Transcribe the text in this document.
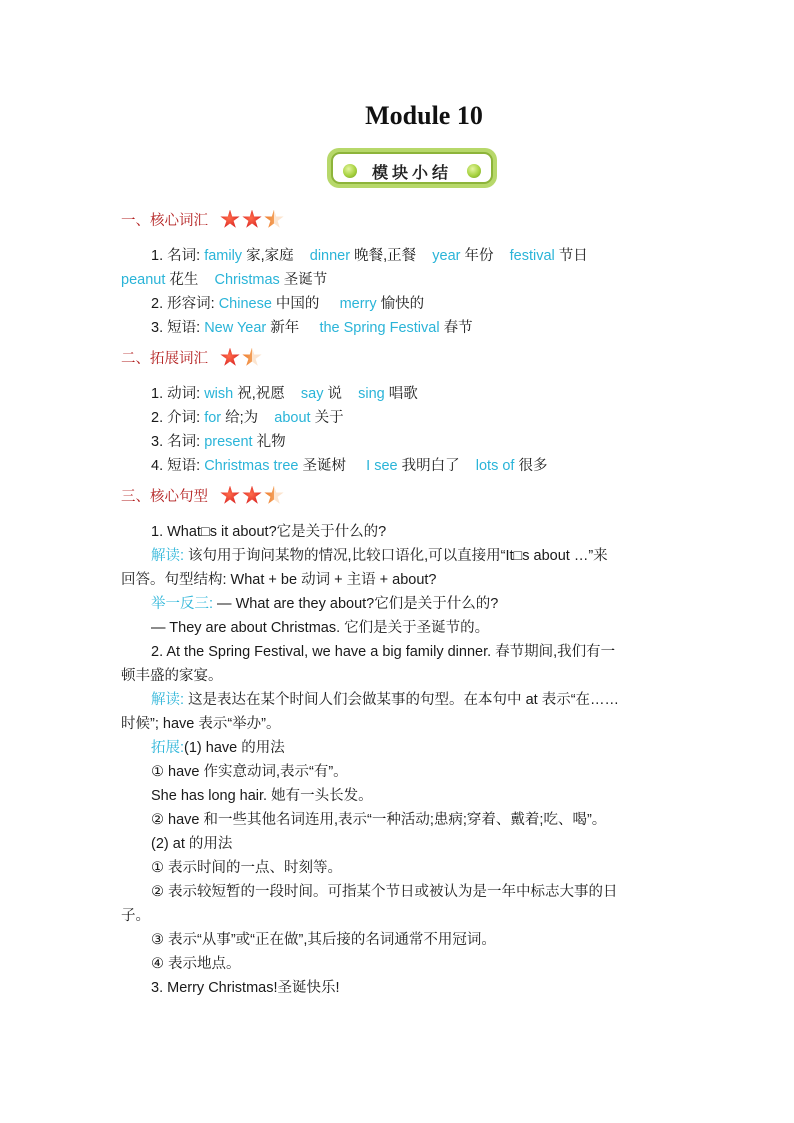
Module 10
模块小结
一、核心词汇
1. 名词: family 家,家庭 dinner 晚餐,正餐 year 年份 festival 节日
peanut 花生 Christmas 圣诞节
2. 形容词: Chinese 中国的 merry 愉快的
3. 短语: New Year 新年 the Spring Festival 春节
二、拓展词汇
1. 动词: wish 祝,祝愿 say 说 sing 唱歌
2. 介词: for 给;为 about 关于
3. 名词: present 礼物
4. 短语: Christmas tree 圣诞树 I see 我明白了 lots of 很多
三、核心句型
1. What□s it about?它是关于什么的?
解读: 该句用于询问某物的情况,比较口语化,可以直接用“It□s about …”来
回答。句型结构: What + be 动词 + 主语 + about?
举一反三: — What are they about?它们是关于什么的?
— They are about Christmas. 它们是关于圣诞节的。
2. At the Spring Festival, we have a big family dinner. 春节期间,我们有一
顿丰盛的家宴。
解读: 这是表达在某个时间人们会做某事的句型。在本句中 at 表示“在……
时候”; have 表示“举办”。
拓展:(1) have 的用法
① have 作实意动词,表示“有”。
She has long hair. 她有一头长发。
② have 和一些其他名词连用,表示“一种活动;患病;穿着、戴着;吃、喝”。
(2) at 的用法
① 表示时间的一点、时刻等。
② 表示较短暂的一段时间。可指某个节日或被认为是一年中标志大事的日
子。
③ 表示“从事”或“正在做”,其后接的名词通常不用冠词。
④ 表示地点。
3. Merry Christmas!圣诞快乐!
